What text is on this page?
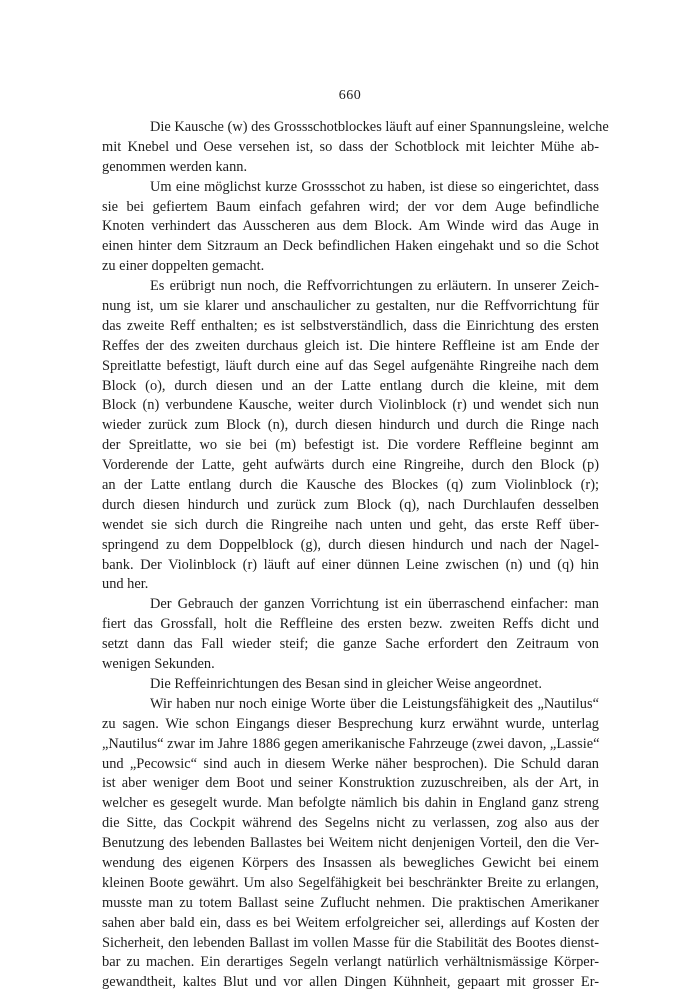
660
Die Kausche (w) des Grossschotblockes läuft auf einer Spannungsleine, welche
mit Knebel und Oese versehen ist, so dass der Schotblock mit leichter Mühe ab-
genommen werden kann.
Um eine möglichst kurze Grossschot zu haben, ist diese so eingerichtet, dass
sie bei gefiertem Baum einfach gefahren wird; der vor dem Auge befindliche
Knoten verhindert das Ausscheren aus dem Block. Am Winde wird das Auge in
einen hinter dem Sitzraum an Deck befindlichen Haken eingehakt und so die Schot
zu einer doppelten gemacht.
Es erübrigt nun noch, die Reffvorrichtungen zu erläutern. In unserer Zeich-
nung ist, um sie klarer und anschaulicher zu gestalten, nur die Reffvorrichtung für
das zweite Reff enthalten; es ist selbstverständlich, dass die Einrichtung des ersten
Reffes der des zweiten durchaus gleich ist. Die hintere Reffleine ist am Ende der
Spreitlatte befestigt, läuft durch eine auf das Segel aufgenähte Ringreihe nach dem
Block (o), durch diesen und an der Latte entlang durch die kleine, mit dem
Block (n) verbundene Kausche, weiter durch Violinblock (r) und wendet sich nun
wieder zurück zum Block (n), durch diesen hindurch und durch die Ringe nach
der Spreitlatte, wo sie bei (m) befestigt ist. Die vordere Reffleine beginnt am
Vorderende der Latte, geht aufwärts durch eine Ringreihe, durch den Block (p)
an der Latte entlang durch die Kausche des Blockes (q) zum Violinblock (r);
durch diesen hindurch und zurück zum Block (q), nach Durchlaufen desselben
wendet sie sich durch die Ringreihe nach unten und geht, das erste Reff über-
springend zu dem Doppelblock (g), durch diesen hindurch und nach der Nagel-
bank. Der Violinblock (r) läuft auf einer dünnen Leine zwischen (n) und (q) hin
und her.
Der Gebrauch der ganzen Vorrichtung ist ein überraschend einfacher: man
fiert das Grossfall, holt die Reffleine des ersten bezw. zweiten Reffs dicht und
setzt dann das Fall wieder steif; die ganze Sache erfordert den Zeitraum von
wenigen Sekunden.
Die Reffeinrichtungen des Besan sind in gleicher Weise angeordnet.
Wir haben nur noch einige Worte über die Leistungsfähigkeit des „Nautilus“
zu sagen. Wie schon Eingangs dieser Besprechung kurz erwähnt wurde, unterlag
„Nautilus“ zwar im Jahre 1886 gegen amerikanische Fahrzeuge (zwei davon, „Lassie“
und „Pecowsic“ sind auch in diesem Werke näher besprochen). Die Schuld daran
ist aber weniger dem Boot und seiner Konstruktion zuzuschreiben, als der Art, in
welcher es gesegelt wurde. Man befolgte nämlich bis dahin in England ganz streng
die Sitte, das Cockpit während des Segelns nicht zu verlassen, zog also aus der
Benutzung des lebenden Ballastes bei Weitem nicht denjenigen Vorteil, den die Ver-
wendung des eigenen Körpers des Insassen als bewegliches Gewicht bei einem
kleinen Boote gewährt. Um also Segelfähigkeit bei beschränkter Breite zu erlangen,
musste man zu totem Ballast seine Zuflucht nehmen. Die praktischen Amerikaner
sahen aber bald ein, dass es bei Weitem erfolgreicher sei, allerdings auf Kosten der
Sicherheit, den lebenden Ballast im vollen Masse für die Stabilität des Bootes dienst-
bar zu machen. Ein derartiges Segeln verlangt natürlich verhältnismässige Körper-
gewandtheit, kaltes Blut und vor allen Dingen Kühnheit, gepaart mit grosser Er-
